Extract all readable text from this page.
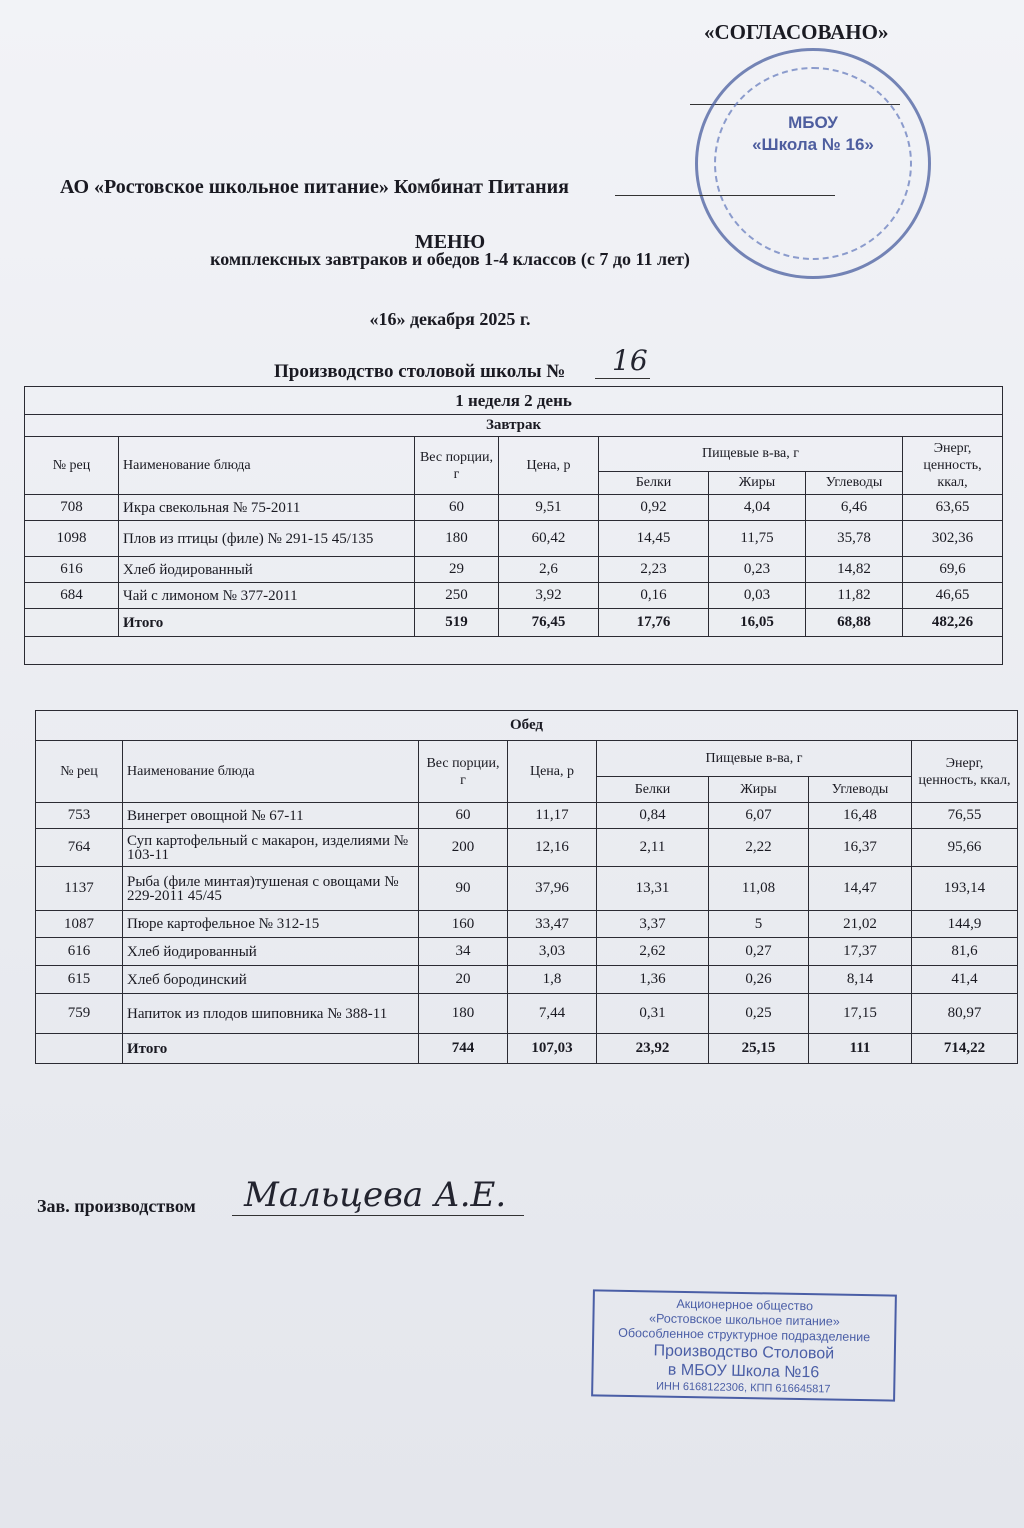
«СОГЛАСОВАНО»
МБОУ
«Школа № 16»
АО «Ростовское школьное питание» Комбинат Питания
МЕНЮ
комплексных завтраков и обедов 1-4 классов (с 7 до 11 лет)
«16» декабря 2025 г.
Производство столовой школы № 16
1 неделя 2 день							
Завтрак							
№ рец	Наименование блюда	Вес порции, г	Цена, р	Пищевые в-ва, г			Энерг, ценность, ккал,
				Белки	Жиры	Углеводы	
708	Икра свекольная № 75-2011	60	9,51	0,92	4,04	6,46	63,65
1098	Плов из птицы (филе) № 291-15 45/135	180	60,42	14,45	11,75	35,78	302,36
616	Хлеб йодированный	29	2,6	2,23	0,23	14,82	69,6
684	Чай с лимоном № 377-2011	250	3,92	0,16	0,03	11,82	46,65
	Итого	519	76,45	17,76	16,05	68,88	482,26

Обед							
№ рец	Наименование блюда	Вес порции, г	Цена, р	Пищевые в-ва, г			Энерг, ценность, ккал,
				Белки	Жиры	Углеводы	
753	Винегрет овощной № 67-11	60	11,17	0,84	6,07	16,48	76,55
764	Суп картофельный с макарон, изделиями № 103-11	200	12,16	2,11	2,22	16,37	95,66
1137	Рыба (филе минтая)тушеная с овощами № 229-2011 45/45	90	37,96	13,31	11,08	14,47	193,14
1087	Пюре картофельное № 312-15	160	33,47	3,37	5	21,02	144,9
616	Хлеб йодированный	34	3,03	2,62	0,27	17,37	81,6
615	Хлеб бородинский	20	1,8	1,36	0,26	8,14	41,4
759	Напиток из плодов шиповника № 388-11	180	7,44	0,31	0,25	17,15	80,97
	Итого	744	107,03	23,92	25,15	111	714,22
Зав. производством Мальцева А.Е.
Акционерное общество
«Ростовское школьное питание»
Обособленное структурное подразделение
Производство Столовой
в МБОУ Школа №16
ИНН 6168122306, КПП 616645817
